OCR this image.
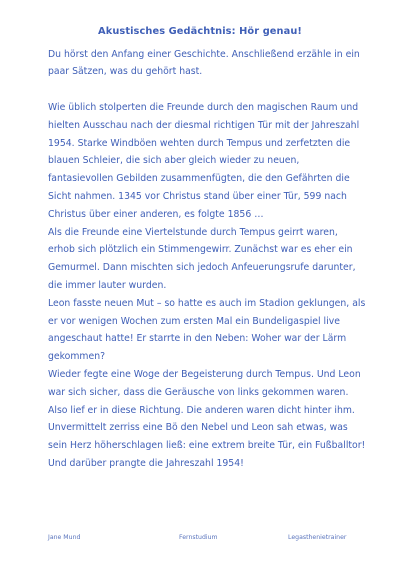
Akustisches Gedächtnis: Hör genau!
Du hörst den Anfang einer Geschichte. Anschließend erzähle in ein paar Sätzen, was du gehört hast.

Wie üblich stolperten die Freunde durch den magischen Raum und hielten Ausschau nach der diesmal richtigen Tür mit der Jahreszahl 1954. Starke Windböen wehten durch Tempus und zerfetzten die blauen Schleier, die sich aber gleich wieder zu neuen, fantasievollen Gebilden zusammenfügten, die den Gefährten die Sicht nahmen. 1345 vor Christus stand über einer Tür, 599 nach Christus über einer anderen, es folgte 1856 …

Als die Freunde eine Viertelstunde durch Tempus geirrt waren, erhob sich plötzlich ein Stimmengewirr. Zunächst war es eher ein Gemurmel. Dann mischten sich jedoch Anfeuerungsrufe darunter, die immer lauter wurden.

Leon fasste neuen Mut – so hatte es auch im Stadion geklungen, als er vor wenigen Wochen zum ersten Mal ein Bundeligaspiel live angeschaut hatte! Er starrte in den Neben: Woher war der Lärm gekommen?

Wieder fegte eine Woge der Begeisterung durch Tempus. Und Leon war sich sicher, dass die Geräusche von links gekommen waren. Also lief er in diese Richtung. Die anderen waren dicht hinter ihm.

Unvermittelt zerriss eine Bö den Nebel und Leon sah etwas, was sein Herz höherschlagen ließ: eine extrem breite Tür, ein Fußballtor! Und darüber prangte die Jahreszahl 1954!

Jane Mund	Fernstudium	Legasthenietrainer
